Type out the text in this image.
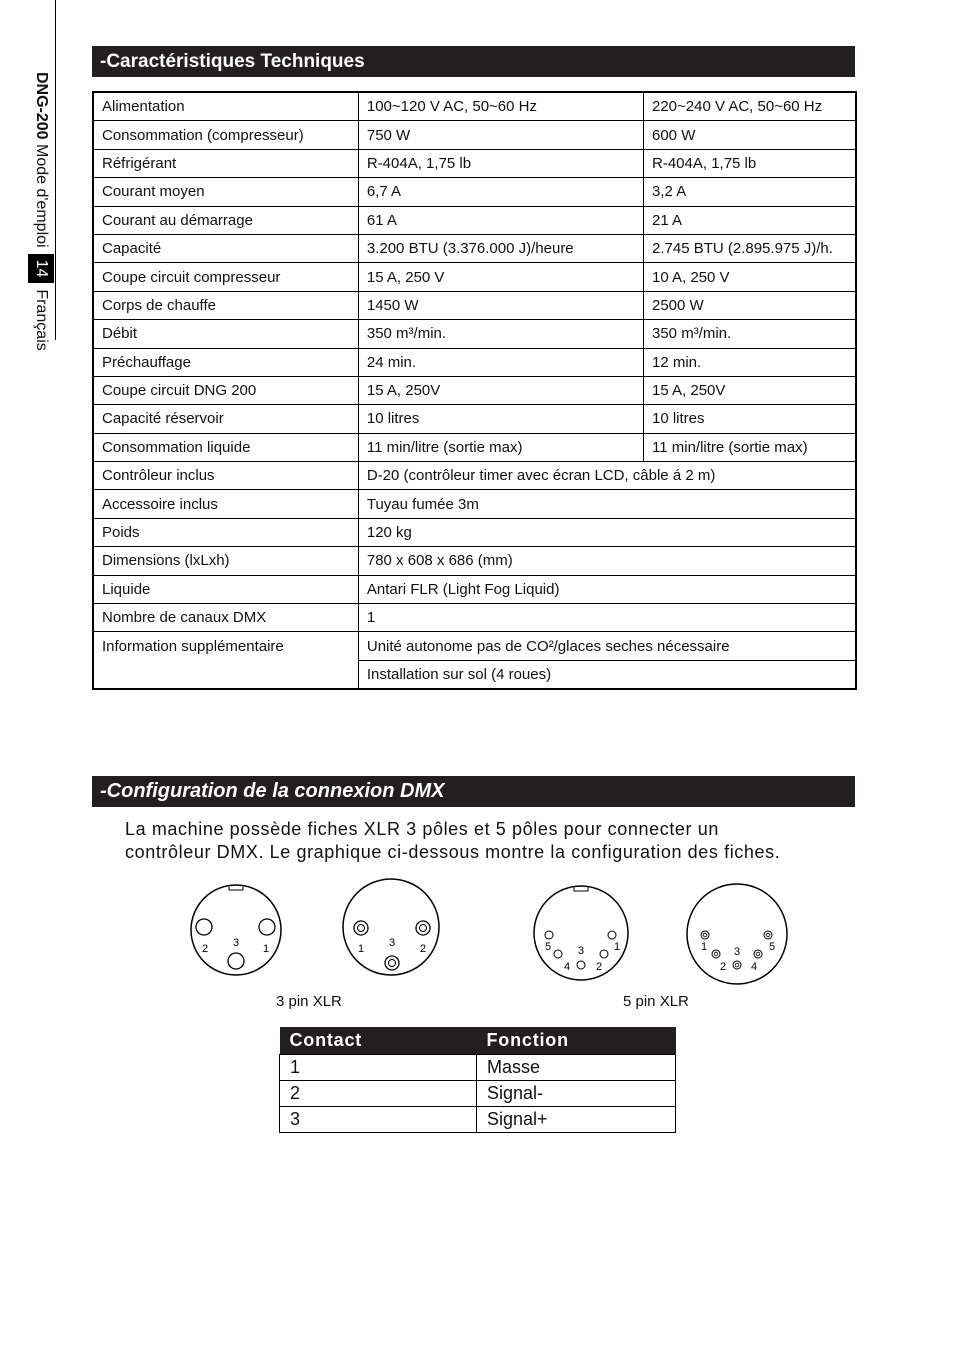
DNG-200

Mode d'emploi
14
Français
-Caractéristiques Techniques
Alimentation	100~120 V AC, 50~60 Hz	220~240 V AC, 50~60 Hz
Consommation (compresseur)	750 W	600 W
Réfrigérant	R-404A, 1,75 lb	R-404A, 1,75 lb
Courant moyen	6,7 A	3,2 A
Courant au démarrage	61 A	21 A
Capacité	3.200 BTU (3.376.000 J)/heure	2.745 BTU (2.895.975 J)/h.
Coupe circuit compresseur	15 A, 250 V	10 A, 250 V
Corps de chauffe	1450 W	2500 W
Débit	350 m³/min.	350 m³/min.
Préchauffage	24 min.	12 min.
Coupe circuit DNG 200	15 A, 250V	15 A, 250V
Capacité réservoir	10 litres	10 litres
Consommation liquide	11 min/litre (sortie max)	11 min/litre (sortie max)
Contrôleur inclus	D-20 (contrôleur timer avec écran LCD, câble á 2 m)	
Accessoire inclus	Tuyau fumée 3m	
Poids	120 kg	
Dimensions (lxLxh)	780 x 608 x 686 (mm)	
Liquide	Antari FLR (Light Fog Liquid)	
Nombre de canaux DMX	1	
Information supplémentaire	Unité autonome pas de CO²/glaces seches nécessaire	
	Installation sur sol (4 roues)	
-Configuration de la connexion DMX
La machine possède fiches XLR 3 pôles et 5 pôles pour connecter un
contrôleur DMX. Le graphique ci-dessous montre la configuration des fiches.
2 3 1	1 3 2	5 3	1
4 2
1 3	5
2 4
3 pin XLR	5 pin XLR
Contact	Fonction
1	Masse
2	Signal-
3	Signal+
